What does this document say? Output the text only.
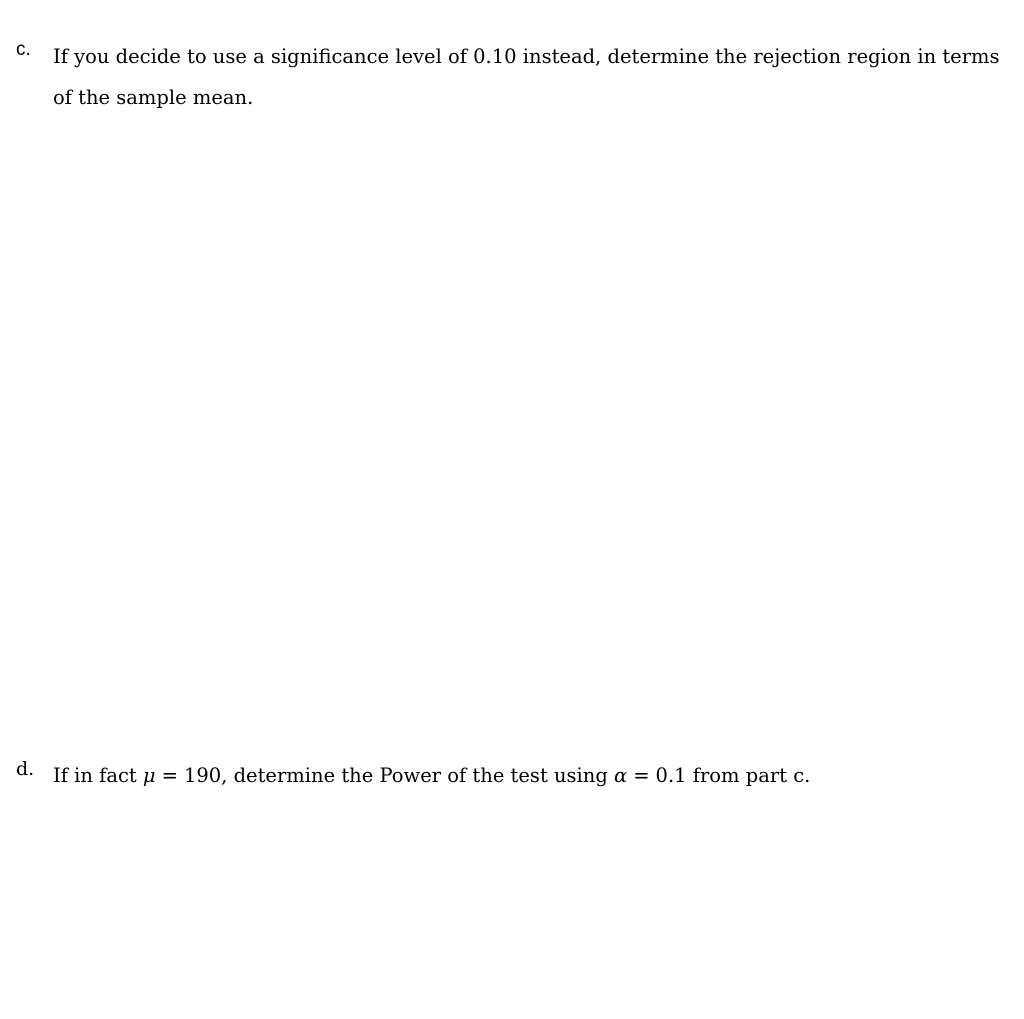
c. If you decide to use a significance level of 0.10 instead, determine the rejection region in terms
of the sample mean.
d. If in fact μ = 190, determine the Power of the test using α = 0.1 from part c.
